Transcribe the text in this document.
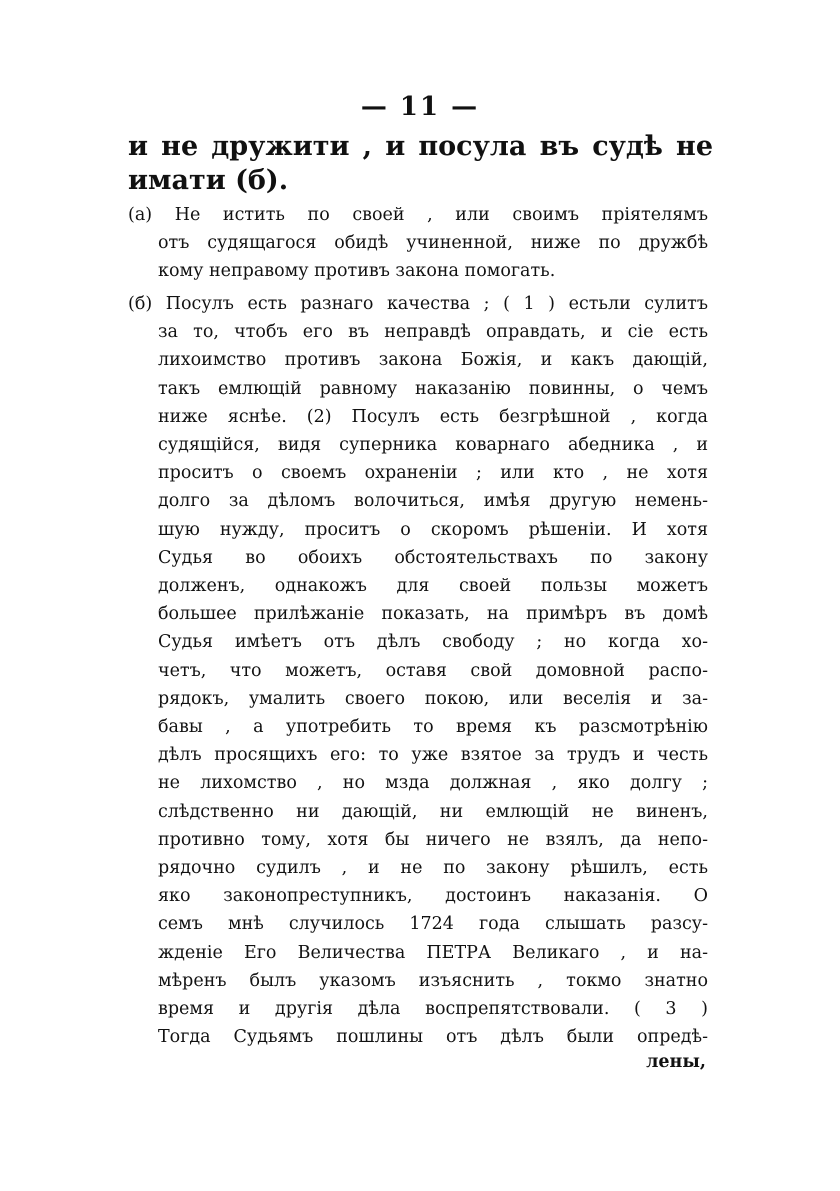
— 11 —
и не дружити , и посула въ судѣ не
имати (б).
(а) Не истить по своей , или своимъ пріятелямъ
отъ судящагося обидѣ учиненной, ниже по дружбѣ
кому неправому противъ закона помогать.
(б) Посулъ есть разнаго качества ; ( 1 ) естьли сулитъ
за то, чтобъ его въ неправдѣ оправдать, и сіе есть
лихоимство противъ закона Божія, и какъ дающій,
такъ емлющій равному наказанію повинны, о чемъ
ниже яснѣе. (2) Посулъ есть безгрѣшной , когда
судящійся, видя суперника коварнаго абедника , и
проситъ о своемъ охраненіи ; или кто , не хотя
долго за дѣломъ волочиться, имѣя другую немень-
шую нужду, проситъ о скоромъ рѣшеніи. И хотя
Судья во обоихъ обстоятельствахъ по закону
долженъ, однакожъ для своей пользы можетъ
большее прилѣжаніе показать, на примѣръ въ домѣ
Судья имѣетъ отъ дѣлъ свободу ; но когда хо-
четъ, что можетъ, оставя свой домовной распо-
рядокъ, умалить своего покою, или веселія и за-
бавы , а употребить то время къ разсмотрѣнію
дѣлъ просящихъ его: то уже взятое за трудъ и честь
не лихомство , но мзда должная , яко долгу ;
слѣдственно ни дающій, ни емлющій не виненъ,
противно тому, хотя бы ничего не взялъ, да непо-
рядочно судилъ , и не по закону рѣшилъ, есть
яко законопреступникъ, достоинъ наказанія. О
семъ мнѣ случилось 1724 года слышать разсу-
жденіе Его Величества ПЕТРА Великаго , и на-
мѣренъ былъ указомъ изъяснить , токмо знатно
время и другія дѣла воспрепятствовали. ( 3 )
Тогда Судьямъ пошлины отъ дѣлъ были опредѣ-
лены,
